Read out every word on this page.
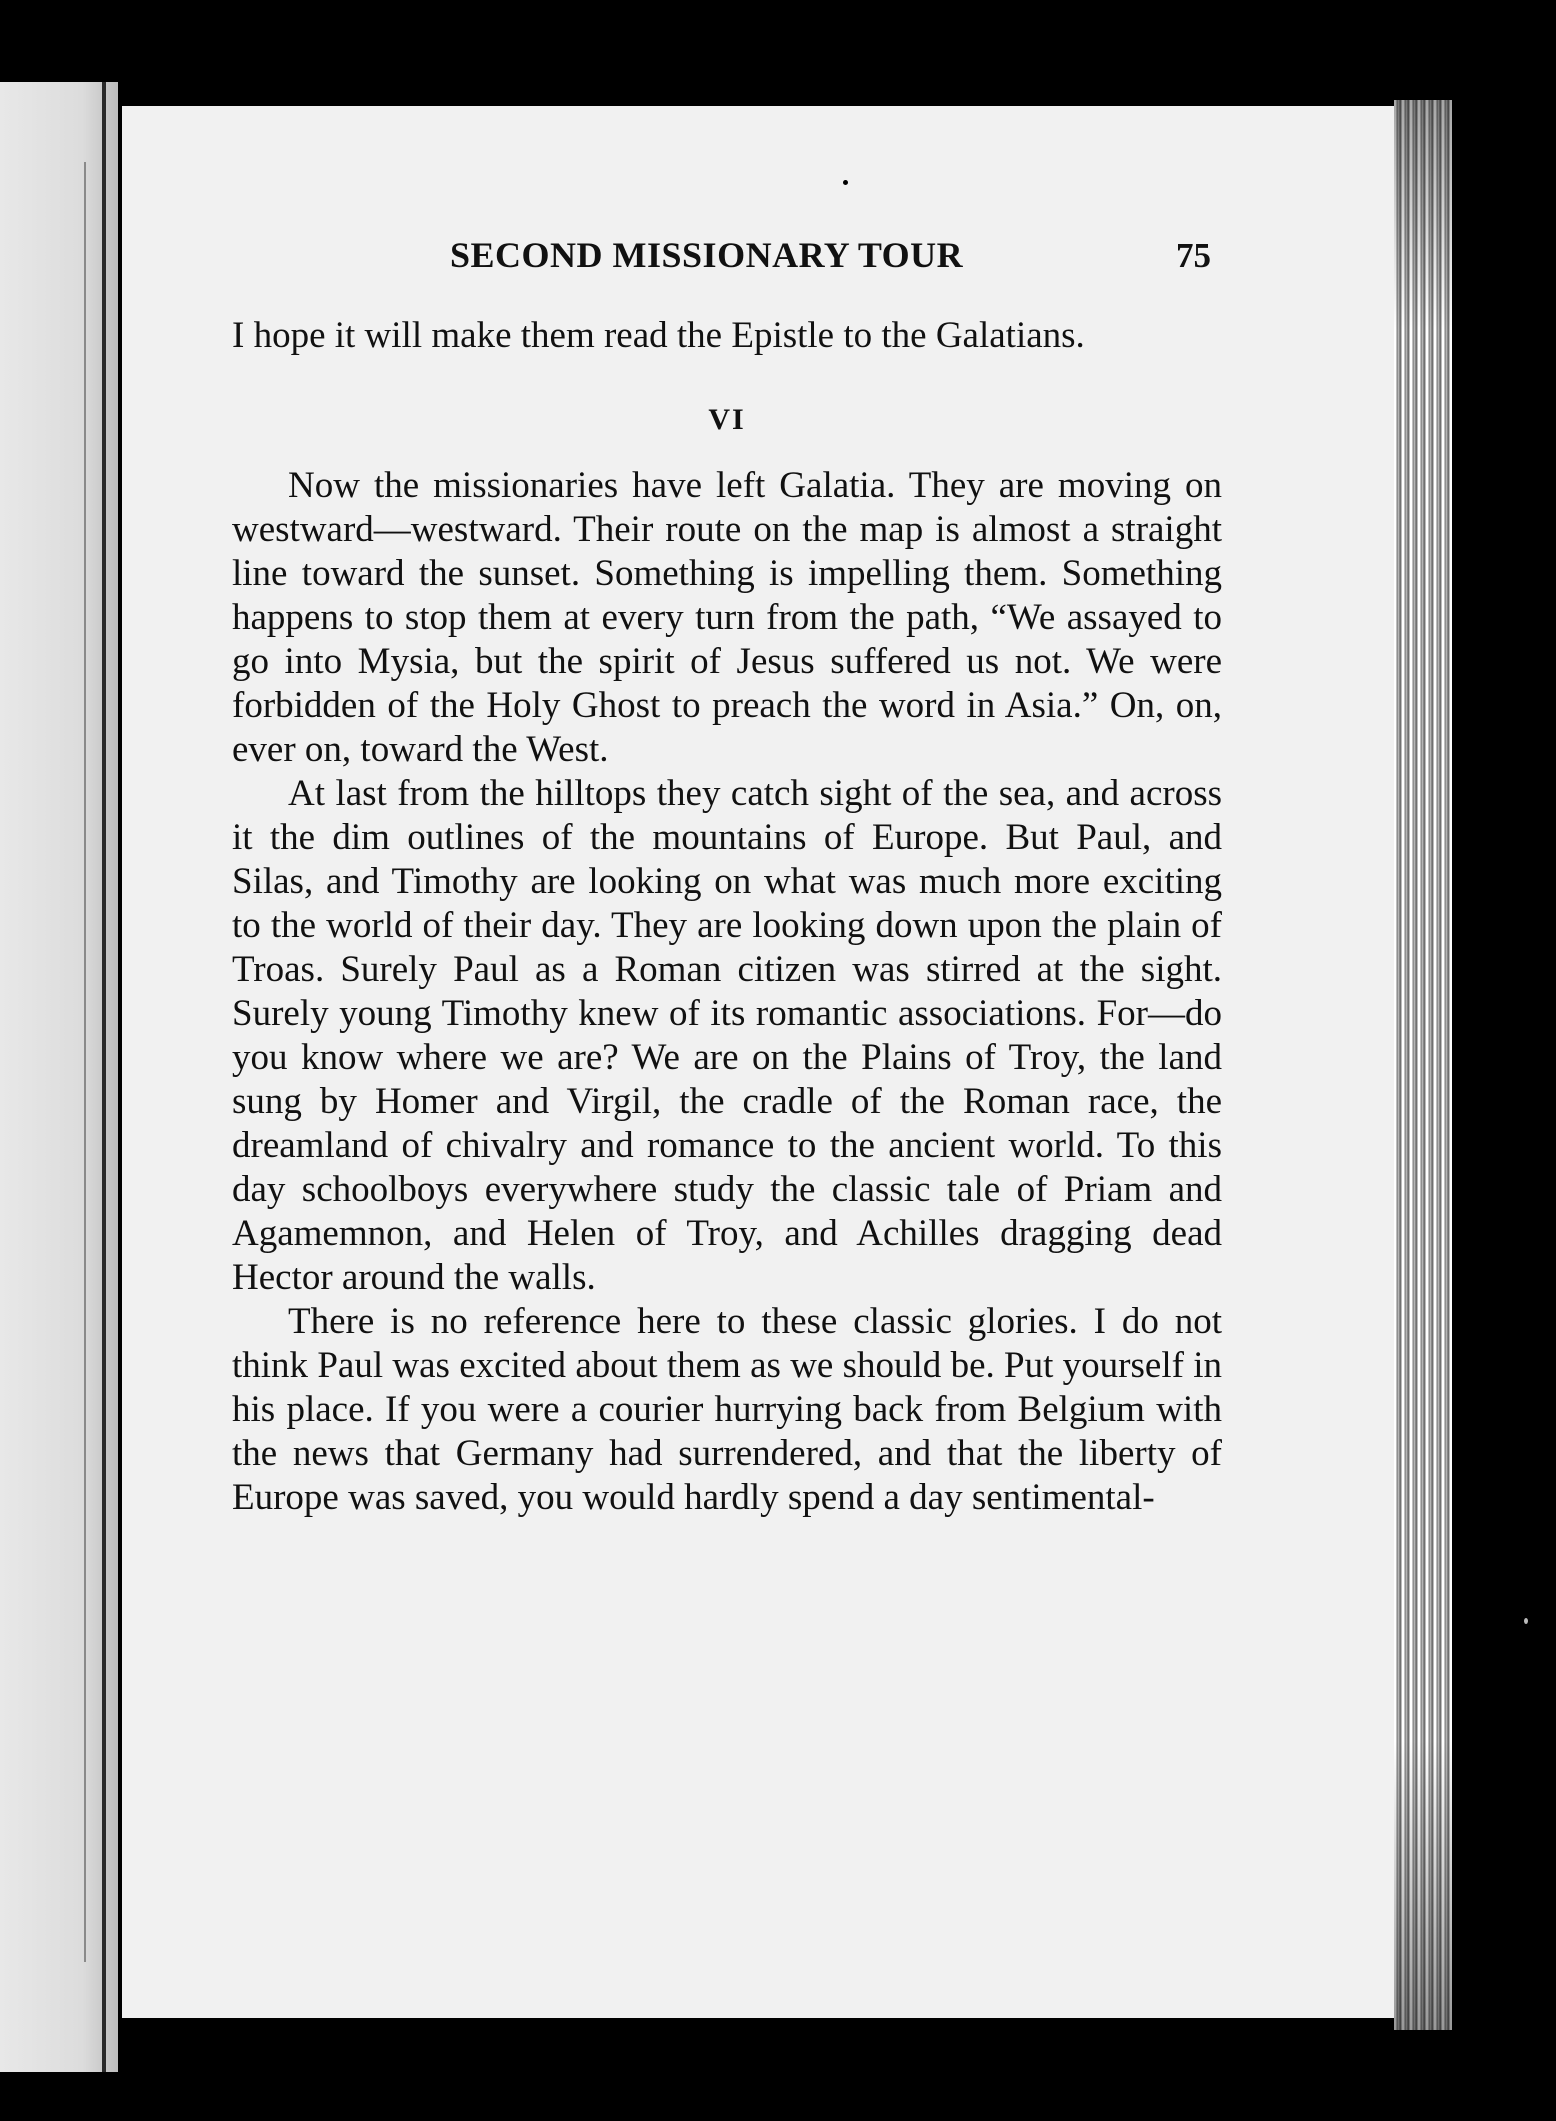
SECOND MISSIONARY TOUR	75

I hope it will make them read the Epistle to the Galatians.

VI

Now the missionaries have left Galatia. They are moving on westward—westward. Their route on the map is almost a straight line toward the sunset. Something is impelling them. Something happens to stop them at every turn from the path, “We assayed to go into Mysia, but the spirit of Jesus suffered us not. We were forbidden of the Holy Ghost to preach the word in Asia.” On, on, ever on, toward the West.

At last from the hilltops they catch sight of the sea, and across it the dim outlines of the mountains of Europe. But Paul, and Silas, and Timothy are looking on what was much more exciting to the world of their day. They are looking down upon the plain of Troas. Surely Paul as a Roman citizen was stirred at the sight. Surely young Timothy knew of its romantic associations. For—do you know where we are? We are on the Plains of Troy, the land sung by Homer and Virgil, the cradle of the Roman race, the dreamland of chivalry and romance to the ancient world. To this day schoolboys everywhere study the classic tale of Priam and Agamemnon, and Helen of Troy, and Achilles dragging dead Hector around the walls.

There is no reference here to these classic glories. I do not think Paul was excited about them as we should be. Put yourself in his place. If you were a courier hurrying back from Belgium with the news that Germany had surrendered, and that the liberty of Europe was saved, you would hardly spend a day sentimental-
